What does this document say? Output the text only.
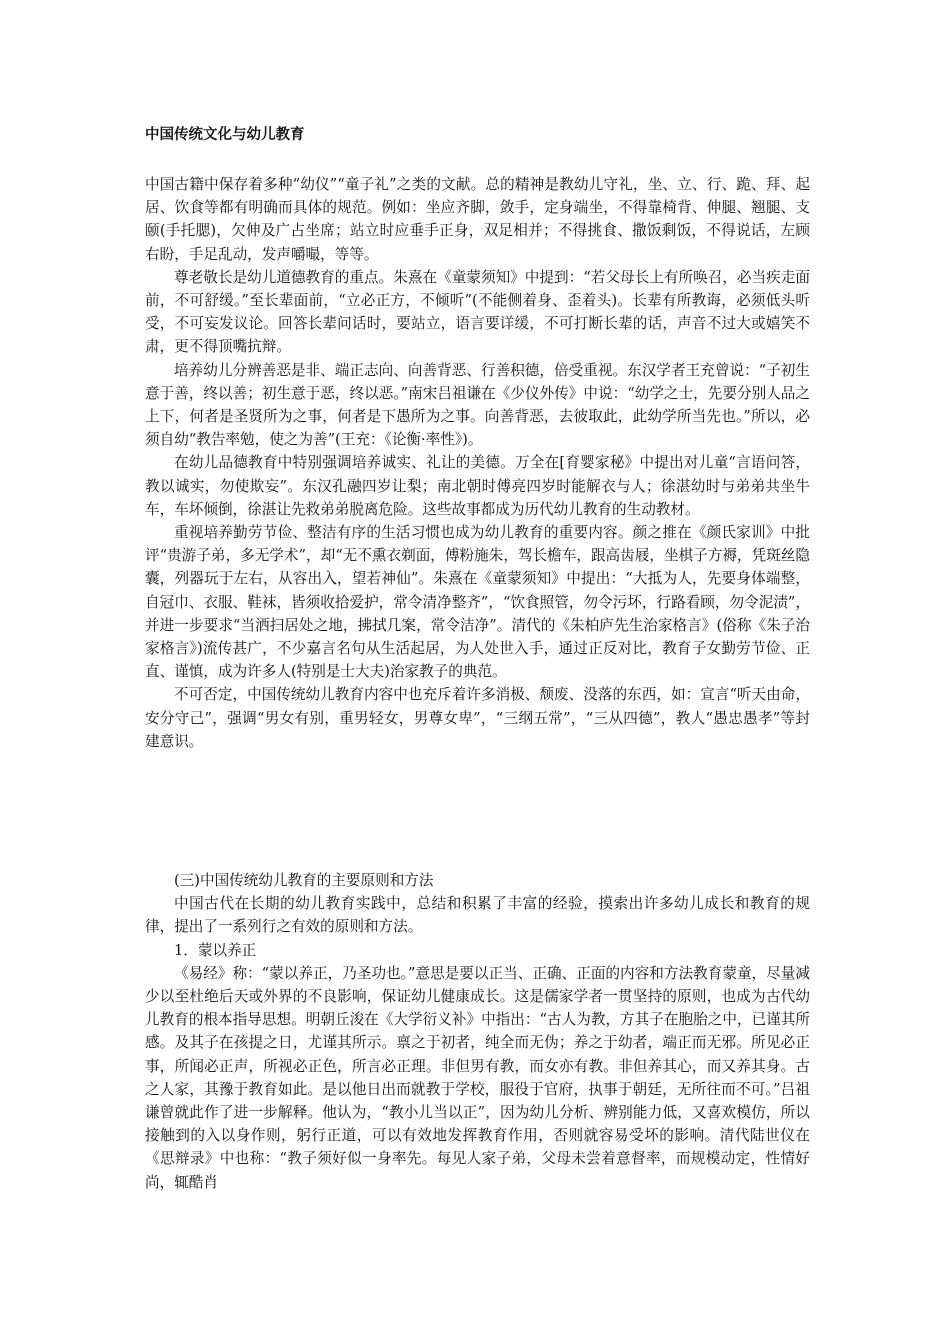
中国传统文化与幼儿教育

中国古籍中保存着多种“幼仪”“童子礼”之类的文献。总的精神是教幼儿守礼，坐、立、行、跪、拜、起居、饮食等都有明确而具体的规范。例如：坐应齐脚，敛手，定身端坐，不得靠椅背、伸腿、翘腿、支颐(手托腮)，欠伸及广占坐席；站立时应垂手正身，双足相并；不得挑食、撒饭剩饭，不得说话，左顾右盼，手足乱动，发声嚼嘬，等等。

尊老敬长是幼儿道德教育的重点。朱熹在《童蒙须知》中提到：“若父母长上有所唤召，必当疾走面前，不可舒缓。”至长辈面前，“立必正方，不倾听”(不能侧着身、歪着头)。长辈有所教诲，必须低头听受，不可妄发议论。回答长辈问话时，要站立，语言要详缓，不可打断长辈的话，声音不过大或嬉笑不肃，更不得顶嘴抗辩。

培养幼儿分辨善恶是非、端正志向、向善背恶、行善积德，倍受重视。东汉学者王充曾说：“子初生意于善，终以善；初生意于恶，终以恶。”南宋吕祖谦在《少仪外传》中说：“幼学之士，先要分别人品之上下，何者是圣贤所为之事，何者是下愚所为之事。向善背恶，去彼取此，此幼学所当先也。”所以，必须自幼“教告率勉，使之为善”(王充：《论衡·率性》)。

在幼儿品德教育中特别强调培养诚实、礼让的美德。万全在[育婴家秘》中提出对儿童“言语问答，教以诚实，勿使欺妄”。东汉孔融四岁让梨；南北朝时傅亮四岁时能解衣与人；徐湛幼时与弟弟共坐牛车，车坏倾倒，徐湛让先救弟弟脱离危险。这些故事都成为历代幼儿教育的生动教材。

重视培养勤劳节俭、整洁有序的生活习惯也成为幼儿教育的重要内容。颜之推在《颜氏家训》中批评“贵游子弟，多无学术”，却“无不熏衣剃面，傅粉施朱，驾长檐车，跟高齿屐，坐棋子方褥，凭斑丝隐囊，列器玩于左右，从容出入，望若神仙”。朱熹在《童蒙须知》中提出：“大抵为人，先要身体端整，自冠巾、衣服、鞋袜，皆须收拾爱护，常令清净整齐”，“饮食照管，勿令污坏，行路看顾，勿令泥渍”，并进一步要求“当洒扫居处之地，拂拭几案，常令洁净”。清代的《朱柏庐先生治家格言》(俗称《朱子治家格言》)流传甚广，不少嘉言名句从生活起居，为人处世入手，通过正反对比，教育子女勤劳节俭、正直、谨慎，成为许多人(特别是士大夫)治家教子的典范。

不可否定，中国传统幼儿教育内容中也充斥着许多消极、颓废、没落的东西，如：宣言“听天由命，安分守己”，强调“男女有别，重男轻女，男尊女卑”，“三纲五常”，“三从四德”，教人“愚忠愚孝”等封建意识。

(三)中国传统幼儿教育的主要原则和方法

中国古代在长期的幼儿教育实践中，总结和积累了丰富的经验，摸索出许多幼儿成长和教育的规律，提出了一系列行之有效的原则和方法。

1．蒙以养正

《易经》称：“蒙以养正，乃圣功也。”意思是要以正当、正确、正面的内容和方法教育蒙童，尽量减少以至杜绝后天或外界的不良影响，保证幼儿健康成长。这是儒家学者一贯坚持的原则，也成为古代幼儿教育的根本指导思想。明朝丘浚在《大学衍义补》中指出：“古人为教，方其子在胞胎之中，已谨其所感。及其子在孩提之日，尤谨其所示。禀之于初者，纯全而无伪；养之于幼者，端正而无邪。所见必正事，所闻必正声，所视必正色，所言必正理。非但男有教，而女亦有教。非但养其心，而又养其身。古之人家，其豫于教育如此。是以他日出而就教于学校，服役于官府，执事于朝廷，无所往而不可。”吕祖谦曾就此作了进一步解释。他认为，“教小儿当以正”，因为幼儿分析、辨别能力低，又喜欢模仿，所以接触到的入以身作则，躬行正道，可以有效地发挥教育作用，否则就容易受坏的影响。清代陆世仪在《思辩录》中也称：“教子须好似一身率先。每见人家子弟，父母未尝着意督率，而规模动定，性情好尚，辄酷肖
